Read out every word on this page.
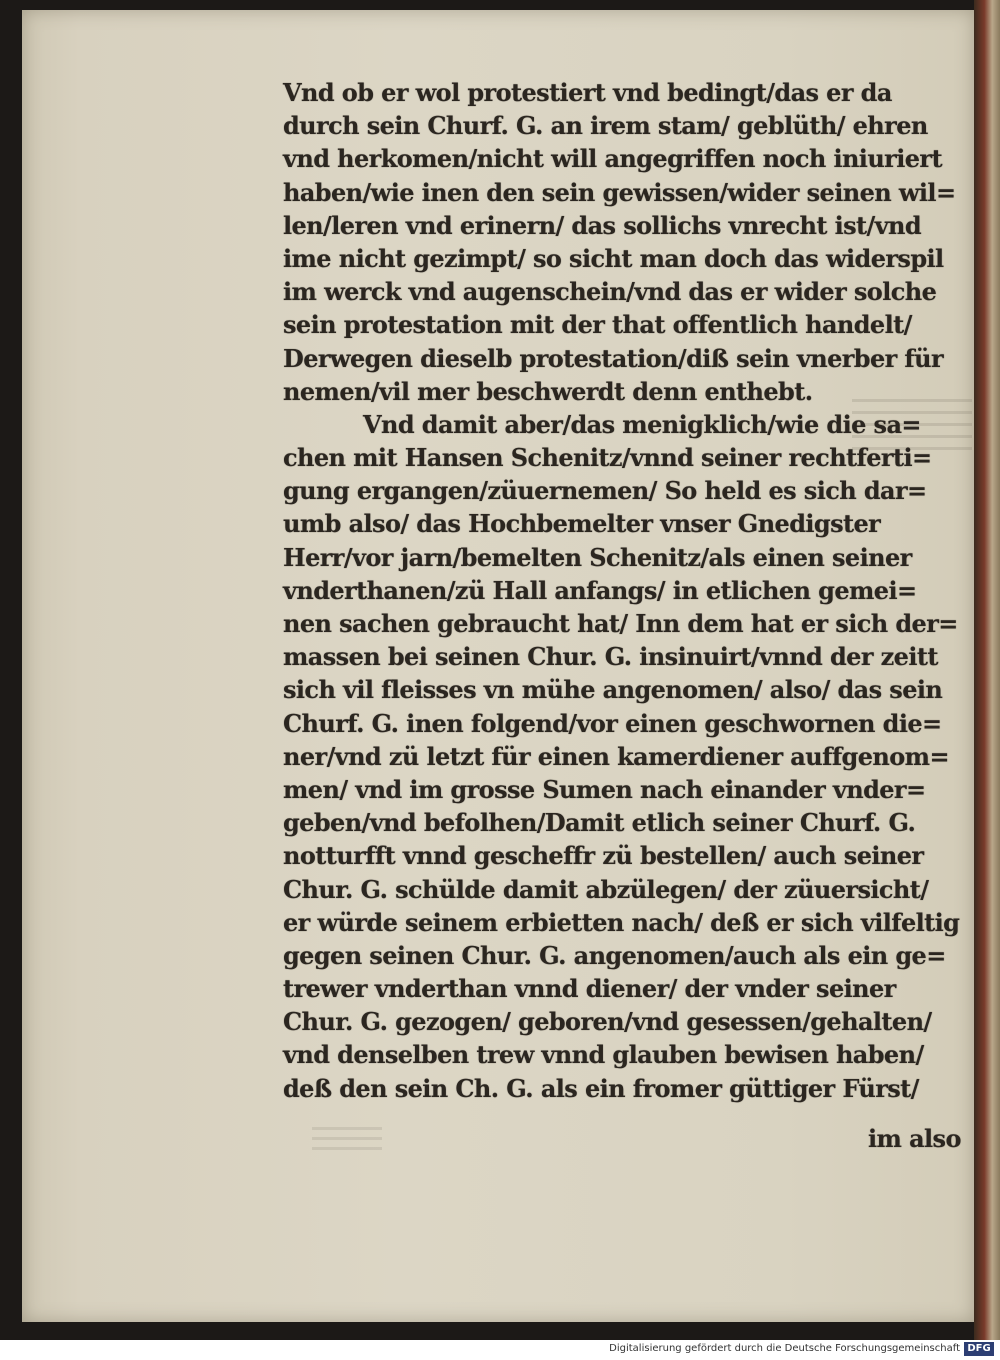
Vnd ob er wol protestiert vnd bedingt/das er da
durch sein Churf. G. an irem stam/ geblüth/ ehren
vnd herkomen/nicht will angegriffen noch iniuriert
haben/wie inen den sein gewissen/wider seinen wil=
len/leren vnd erinern/ das sollichs vnrecht ist/vnd
ime nicht gezimpt/ so sicht man doch das widerspil
im werck vnd augenschein/vnd das er wider solche
sein protestation mit der that offentlich handelt/
Derwegen dieselb protestation/diß sein vnerber für
nemen/vil mer beschwerdt denn enthebt.
Vnd damit aber/das menigklich/wie die sa=
chen mit Hansen Schenitz/vnnd seiner rechtferti=
gung ergangen/züuernemen/ So held es sich dar=
umb also/ das Hochbemelter vnser Gnedigster
Herr/vor jarn/bemelten Schenitz/als einen seiner
vnderthanen/zü Hall anfangs/ in etlichen gemei=
nen sachen gebraucht hat/ Inn dem hat er sich der=
massen bei seinen Chur. G. insinuirt/vnnd der zeitt
sich vil fleisses vn mühe angenomen/ also/ das sein
Churf. G. inen folgend/vor einen geschwornen die=
ner/vnd zü letzt für einen kamerdiener auffgenom=
men/ vnd im grosse Sumen nach einander vnder=
geben/vnd befolhen/Damit etlich seiner Churf. G.
notturfft vnnd gescheffr zü bestellen/ auch seiner
Chur. G. schülde damit abzülegen/ der züuersicht/
er würde seinem erbietten nach/ deß er sich vilfeltig
gegen seinen Chur. G. angenomen/auch als ein ge=
trewer vnderthan vnnd diener/ der vnder seiner
Chur. G. gezogen/ geboren/vnd gesessen/gehalten/
vnd denselben trew vnnd glauben bewisen haben/
deß den sein Ch. G. als ein fromer güttiger Fürst/
im also
Digitalisierung gefördert durch die Deutsche Forschungsgemeinschaft DFG
